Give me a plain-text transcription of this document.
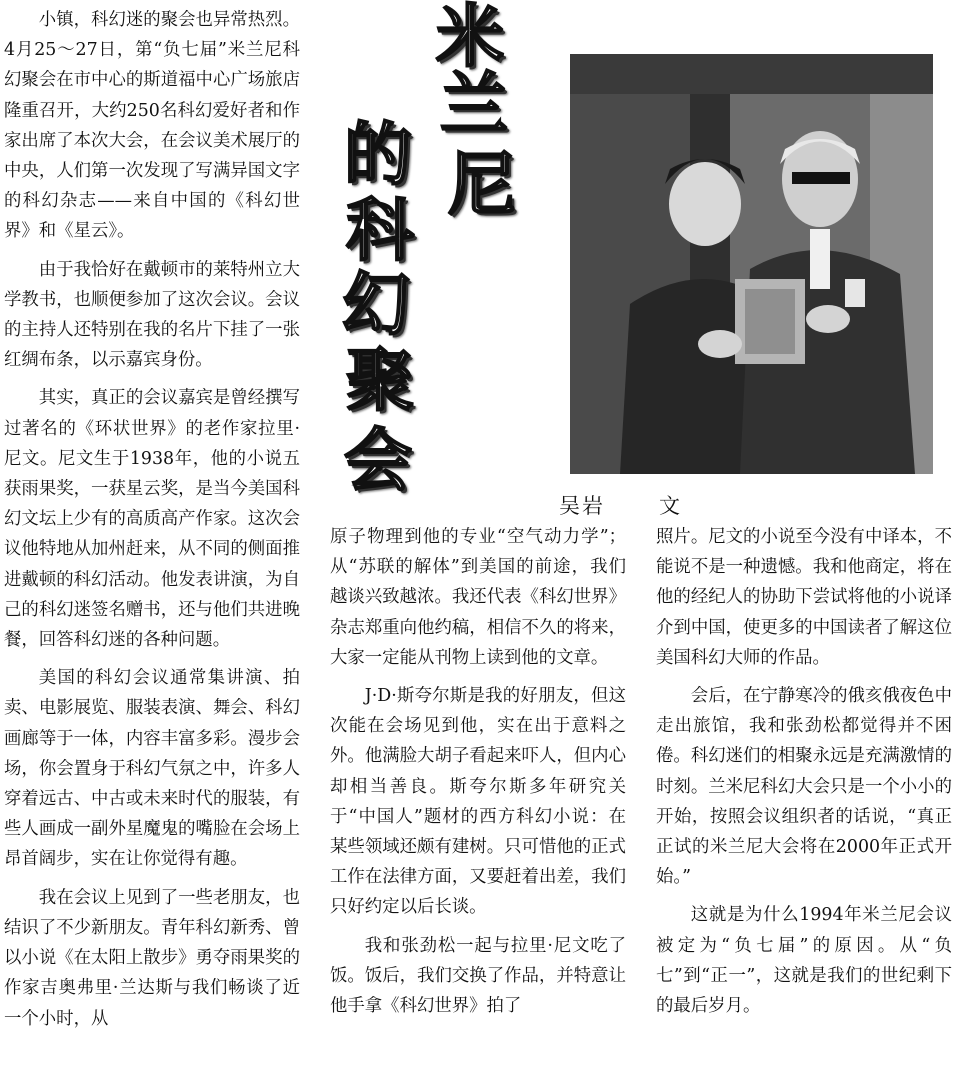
米
兰
尼
的
科
幻
聚
会
吴岩	文

小镇，科幻迷的聚会也异常热烈。4月25～27日，第“负七届”米兰尼科幻聚会在市中心的斯道福中心广场旅店隆重召开，大约250名科幻爱好者和作家出席了本次大会，在会议美术展厅的中央，人们第一次发现了写满异国文字的科幻杂志——来自中国的《科幻世界》和《星云》。

由于我恰好在戴顿市的莱特州立大学教书，也顺便参加了这次会议。会议的主持人还特别在我的名片下挂了一张红绸布条，以示嘉宾身份。

其实，真正的会议嘉宾是曾经撰写过著名的《环状世界》的老作家拉里·尼文。尼文生于1938年，他的小说五获雨果奖，一获星云奖，是当今美国科幻文坛上少有的高质高产作家。这次会议他特地从加州赶来，从不同的侧面推进戴顿的科幻活动。他发表讲演，为自己的科幻迷签名赠书，还与他们共进晚餐，回答科幻迷的各种问题。

美国的科幻会议通常集讲演、拍卖、电影展览、服装表演、舞会、科幻画廊等于一体，内容丰富多彩。漫步会场，你会置身于科幻气氛之中，许多人穿着远古、中古或未来时代的服装，有些人画成一副外星魔鬼的嘴脸在会场上昂首阔步，实在让你觉得有趣。

我在会议上见到了一些老朋友，也结识了不少新朋友。青年科幻新秀、曾以小说《在太阳上散步》勇夺雨果奖的作家吉奥弗里·兰达斯与我们畅谈了近一个小时，从

原子物理到他的专业“空气动力学”；从“苏联的解体”到美国的前途，我们越谈兴致越浓。我还代表《科幻世界》杂志郑重向他约稿，相信不久的将来，大家一定能从刊物上读到他的文章。

J·D·斯夸尔斯是我的好朋友，但这次能在会场见到他，实在出于意料之外。他满脸大胡子看起来吓人，但内心却相当善良。斯夸尔斯多年研究关于“中国人”题材的西方科幻小说：在某些领域还颇有建树。只可惜他的正式工作在法律方面，又要赶着出差，我们只好约定以后长谈。

我和张劲松一起与拉里·尼文吃了饭。饭后，我们交换了作品，并特意让他手拿《科幻世界》拍了

照片。尼文的小说至今没有中译本，不能说不是一种遗憾。我和他商定，将在他的经纪人的协助下尝试将他的小说译介到中国，使更多的中国读者了解这位美国科幻大师的作品。

会后，在宁静寒冷的俄亥俄夜色中走出旅馆，我和张劲松都觉得并不困倦。科幻迷们的相聚永远是充满激情的时刻。兰米尼科幻大会只是一个小小的开始，按照会议组织者的话说，“真正正试的米兰尼大会将在2000年正式开始。”

这就是为什么1994年米兰尼会议被定为“负七届”的原因。从“负七”到“正一”，这就是我们的世纪剩下的最后岁月。
